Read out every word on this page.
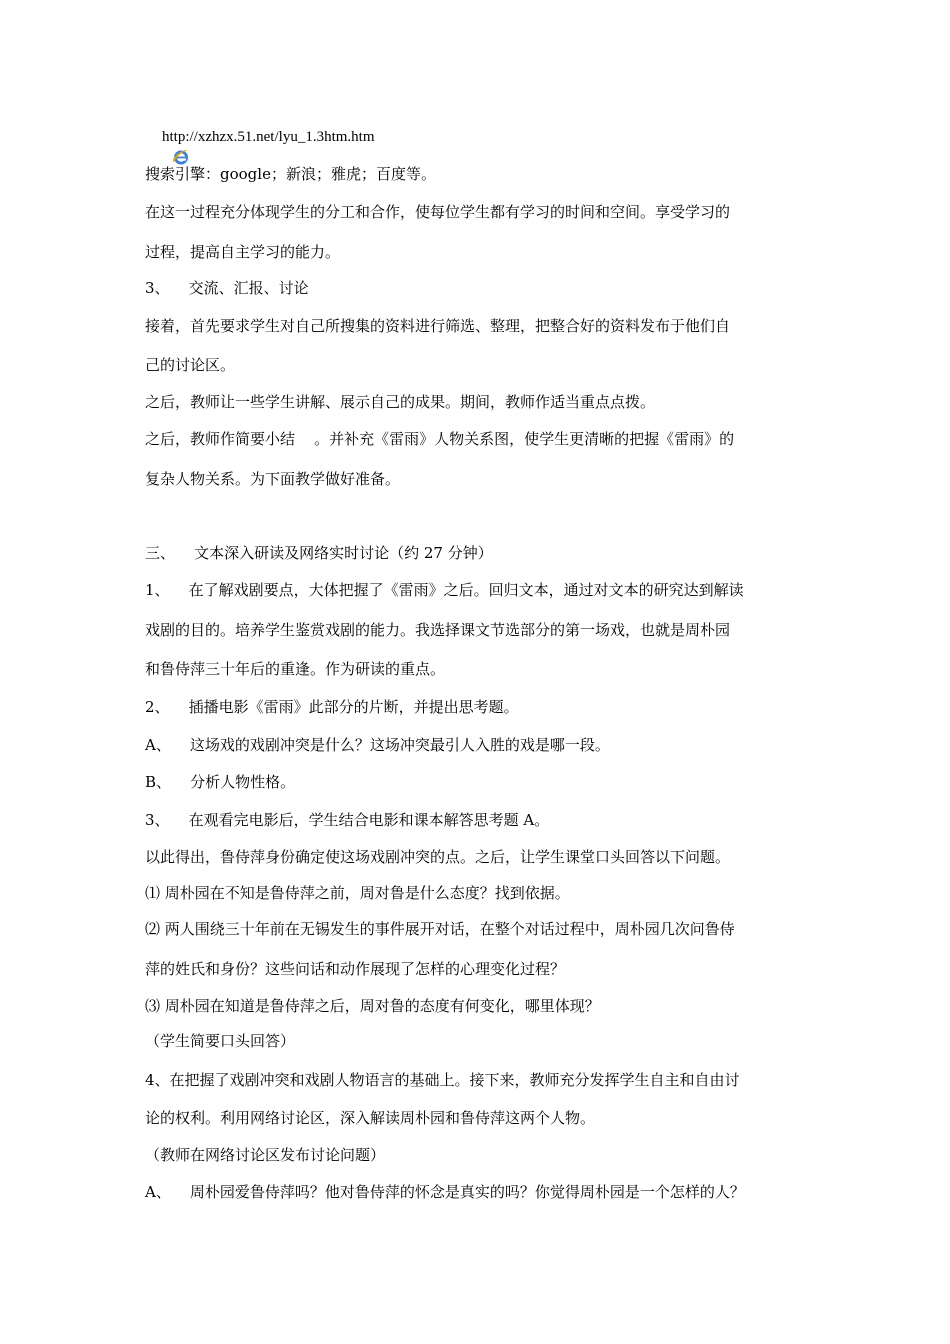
http://xzhzx.51.net/lyu_1.3htm.htm
搜索引擎：google；新浪；雅虎；百度等。
在这一过程充分体现学生的分工和合作，使每位学生都有学习的时间和空间。享受学习的
过程，提高自主学习的能力。
3、    交流、汇报、讨论
接着，首先要求学生对自己所搜集的资料进行筛选、整理，把整合好的资料发布于他们自
己的讨论区。
之后，教师让一些学生讲解、展示自己的成果。期间，教师作适当重点点拨。
之后，教师作简要小结    。并补充《雷雨》人物关系图，使学生更清晰的把握《雷雨》的
复杂人物关系。为下面教学做好准备。
三、    文本深入研读及网络实时讨论（约 27 分钟）
1、    在了解戏剧要点，大体把握了《雷雨》之后。回归文本，通过对文本的研究达到解读
戏剧的目的。培养学生鉴赏戏剧的能力。我选择课文节选部分的第一场戏，也就是周朴园
和鲁侍萍三十年后的重逢。作为研读的重点。
2、    插播电影《雷雨》此部分的片断，并提出思考题。
A、    这场戏的戏剧冲突是什么？这场冲突最引人入胜的戏是哪一段。
B、    分析人物性格。
3、    在观看完电影后，学生结合电影和课本解答思考题 A。
以此得出，鲁侍萍身份确定使这场戏剧冲突的点。之后，让学生课堂口头回答以下问题。
⑴ 周朴园在不知是鲁侍萍之前，周对鲁是什么态度？找到依据。
⑵ 两人围绕三十年前在无锡发生的事件展开对话，在整个对话过程中，周朴园几次问鲁侍
萍的姓氏和身份？这些问话和动作展现了怎样的心理变化过程？
⑶ 周朴园在知道是鲁侍萍之后，周对鲁的态度有何变化，哪里体现？
（学生简要口头回答）
4、在把握了戏剧冲突和戏剧人物语言的基础上。接下来，教师充分发挥学生自主和自由讨
论的权利。利用网络讨论区，深入解读周朴园和鲁侍萍这两个人物。
（教师在网络讨论区发布讨论问题）
A、    周朴园爱鲁侍萍吗？他对鲁侍萍的怀念是真实的吗？你觉得周朴园是一个怎样的人？
